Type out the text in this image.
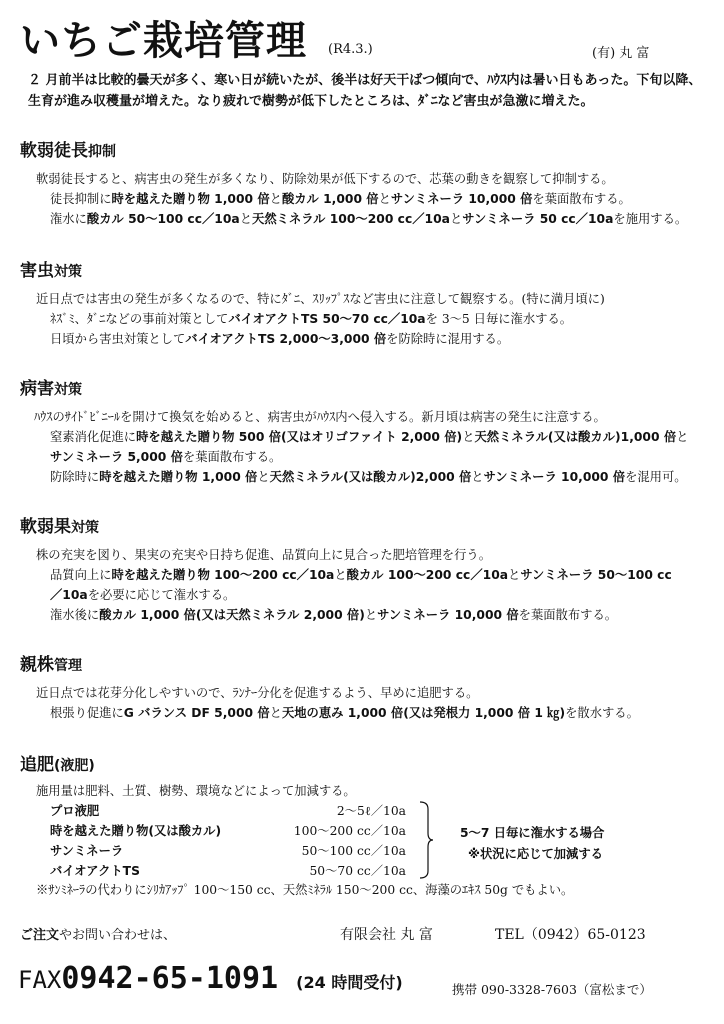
いちご栽培管理 (R4.3.)	(有) 丸 富
２ 月前半は比較的曇天が多く、寒い日が続いたが、後半は好天干ばつ傾向で、ﾊｳｽ内は暑い日もあった。下旬以降、生育が進み収穫量が増えた。なり疲れで樹勢が低下したところは、ﾀﾞﾆなど害虫が急激に増えた。
軟弱徒長抑制
軟弱徒長すると、病害虫の発生が多くなり、防除効果が低下するので、芯葉の動きを観察して抑制する。
徒長抑制に時を越えた贈り物 1,000 倍と酸カル 1,000 倍とサンミネーラ 10,000 倍を葉面散布する。
潅水に酸カル 50～100 cc／10aと天然ミネラル 100～200 cc／10aとサンミネーラ 50 cc／10aを施用する。
害虫対策
近日点では害虫の発生が多くなるので、特にﾀﾞﾆ、ｽﾘｯﾌﾟｽなど害虫に注意して観察する。(特に満月頃に)
ﾈｽﾞﾐ、ﾀﾞﾆなどの事前対策としてバイオアクトTS 50～70 cc／10aを 3～5 日毎に潅水する。
日頃から害虫対策としてバイオアクトTS 2,000～3,000 倍を防除時に混用する。
病害対策
ﾊｳｽのｻｲﾄﾞﾋﾞﾆｰﾙを開けて換気を始めると、病害虫がﾊｳｽ内へ侵入する。新月頃は病害の発生に注意する。
窒素消化促進に時を越えた贈り物 500 倍(又はオリゴファイト 2,000 倍)と天然ミネラル(又は酸カル)1,000 倍と
サンミネーラ 5,000 倍を葉面散布する。
防除時に時を越えた贈り物 1,000 倍と天然ミネラル(又は酸カル)2,000 倍とサンミネーラ 10,000 倍を混用可。
軟弱果対策
株の充実を図り、果実の充実や日持ち促進、品質向上に見合った肥培管理を行う。
品質向上に時を越えた贈り物 100～200 cc／10aと酸カル 100～200 cc／10aとサンミネーラ 50～100 cc
／10aを必要に応じて潅水する。
潅水後に酸カル 1,000 倍(又は天然ミネラル 2,000 倍)とサンミネーラ 10,000 倍を葉面散布する。
親株管理
近日点では花芽分化しやすいので、ﾗﾝﾅｰ分化を促進するよう、早めに追肥する。
根張り促進にG バランス DF 5,000 倍と天地の恵み 1,000 倍(又は発根力 1,000 倍 1 ㎏)を散水する。
追肥(液肥)
施用量は肥料、土質、樹勢、環境などによって加減する。
プロ液肥	2～5ℓ／10a
時を越えた贈り物(又は酸カル)	100～200 cc／10a
サンミネーラ	50～100 cc／10a
バイオアクトTS	50～70 cc／10a
5～7 日毎に潅水する場合
※状況に応じて加減する
※ｻﾝﾐﾈｰﾗの代わりにｼﾘｶｱｯﾌﾟ 100～150 cc、天然ﾐﾈﾗﾙ 150～200 cc、海藻のｴｷｽ 50g でもよい。
ご注文やお問い合わせは、	有限会社 丸 富	TEL（0942）65-0123
FAX0942-65-1091 (24 時間受付)	携帯 090-3328-7603（富松まで）
